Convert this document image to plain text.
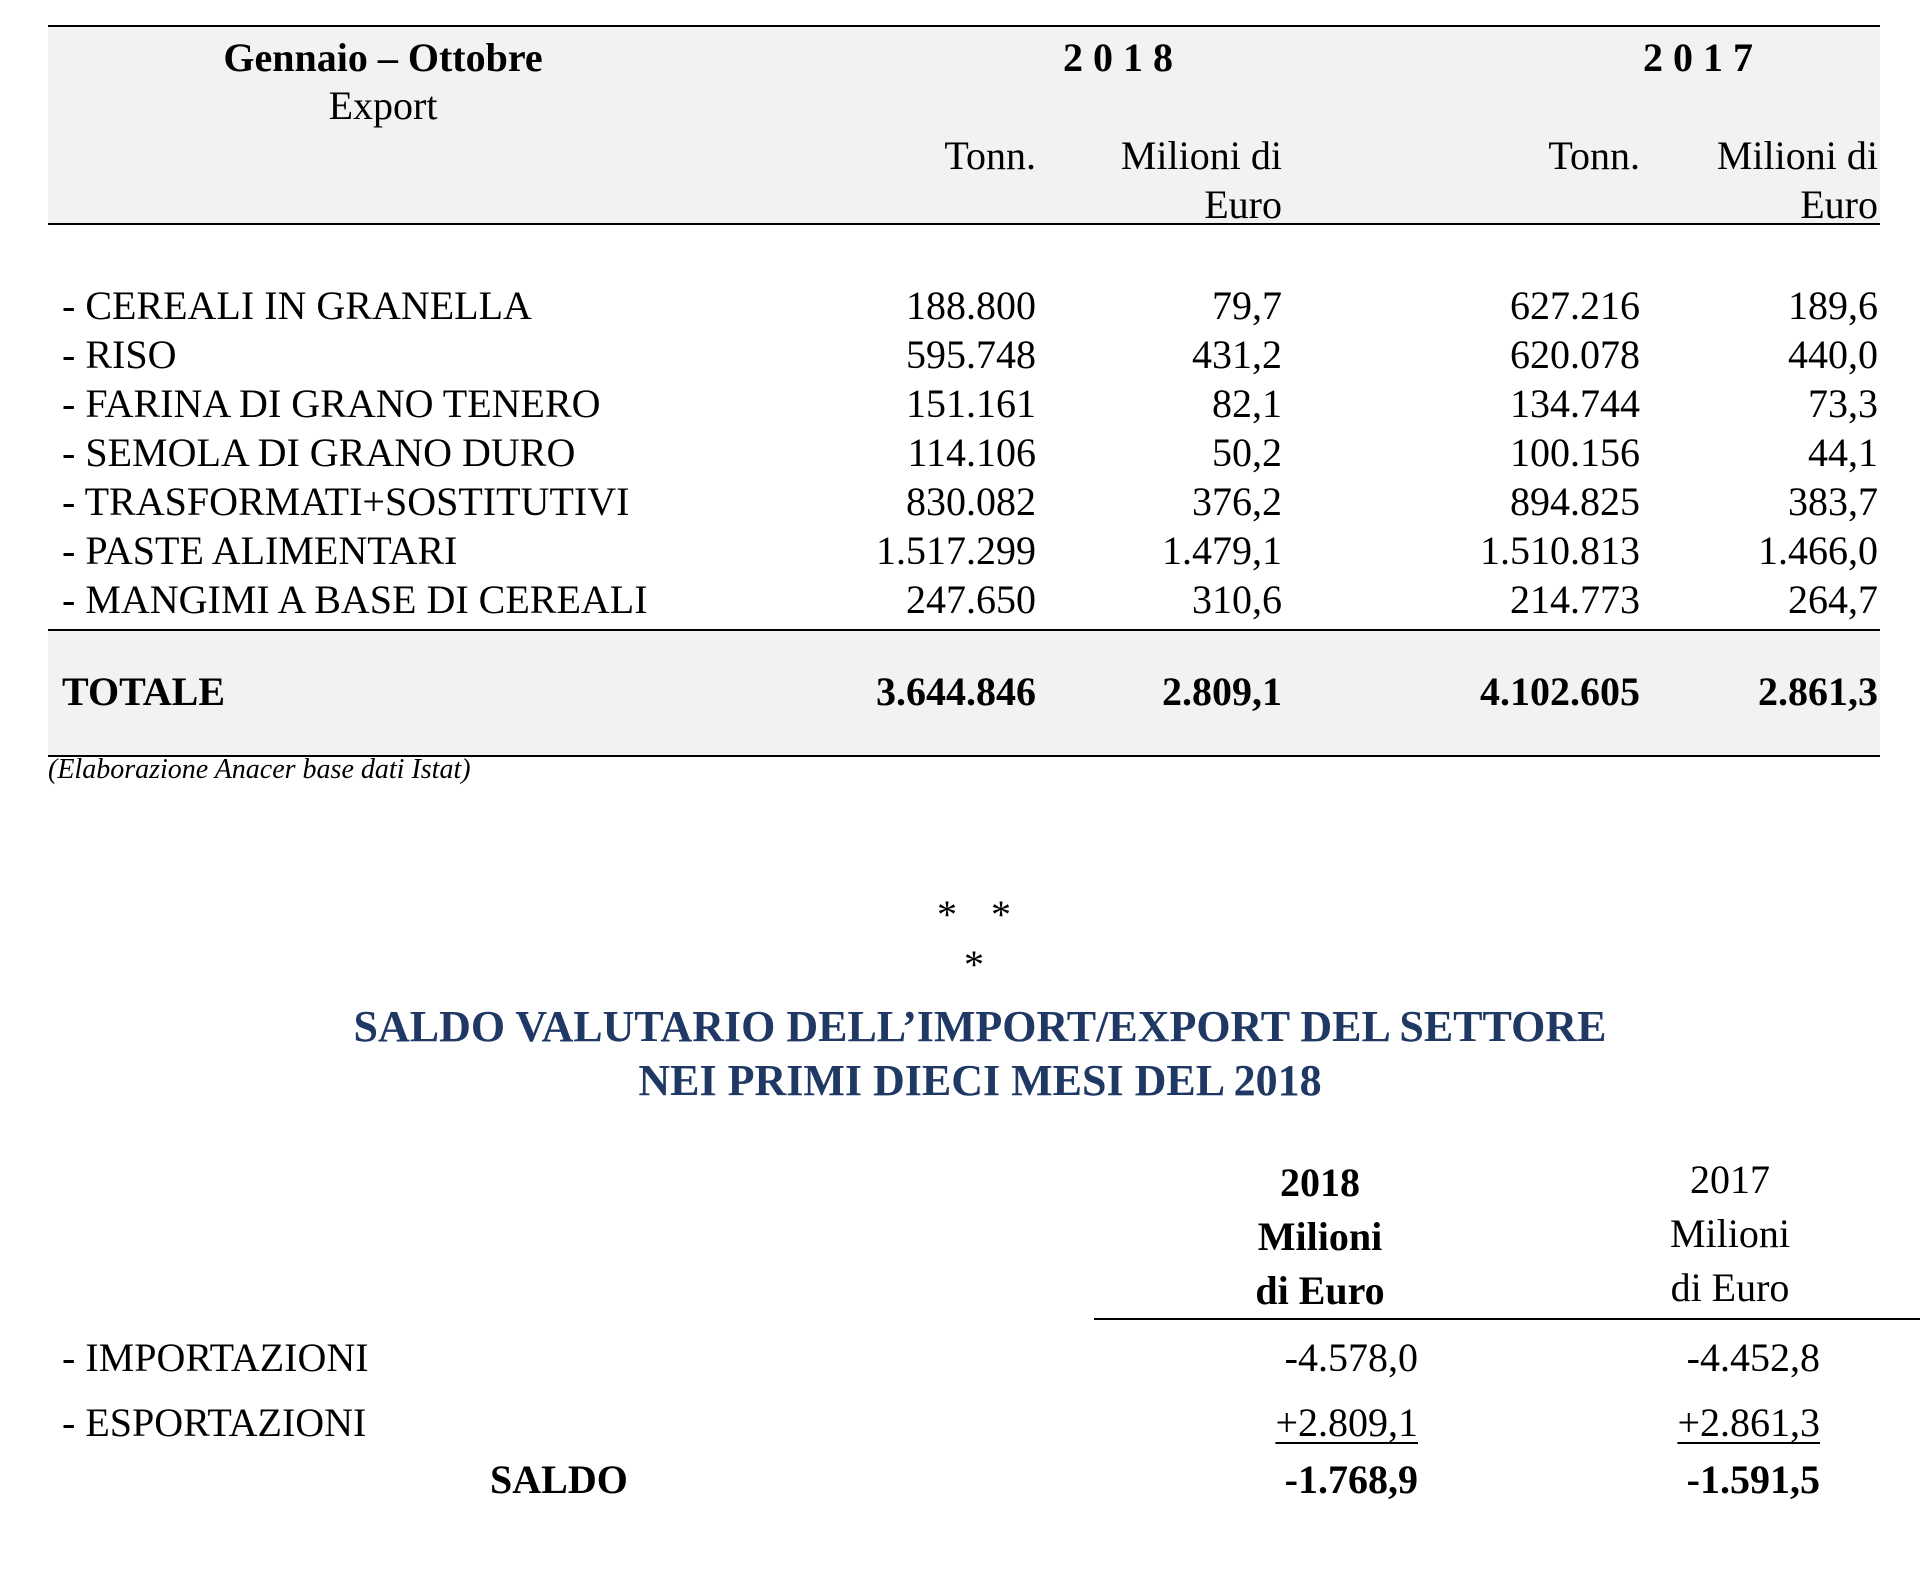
Gennaio – Ottobre
Export
2018	2017
Tonn.	Milioni di
Euro
Tonn.	Milioni di
Euro
- CEREALI IN GRANELLA	188.800	79,7	627.216	189,6
- RISO	595.748	431,2	620.078	440,0
- FARINA DI GRANO TENERO	151.161	82,1	134.744	73,3
- SEMOLA DI GRANO DURO	114.106	50,2	100.156	44,1
- TRASFORMATI+SOSTITUTIVI	830.082	376,2	894.825	383,7
- PASTE ALIMENTARI	1.517.299	1.479,1	1.510.813	1.466,0
- MANGIMI A BASE DI CEREALI	247.650	310,6	214.773	264,7
TOTALE	3.644.846	2.809,1	4.102.605	2.861,3
(Elaborazione Anacer base dati Istat)
* * *
SALDO VALUTARIO DELL’IMPORT/EXPORT DEL SETTORE
NEI PRIMI DIECI MESI DEL 2018
2018
Milioni
di Euro
2017
Milioni
di Euro
- IMPORTAZIONI	-4.578,0	-4.452,8
- ESPORTAZIONI	+2.809,1	+2.861,3
SALDO	-1.768,9	-1.591,5
